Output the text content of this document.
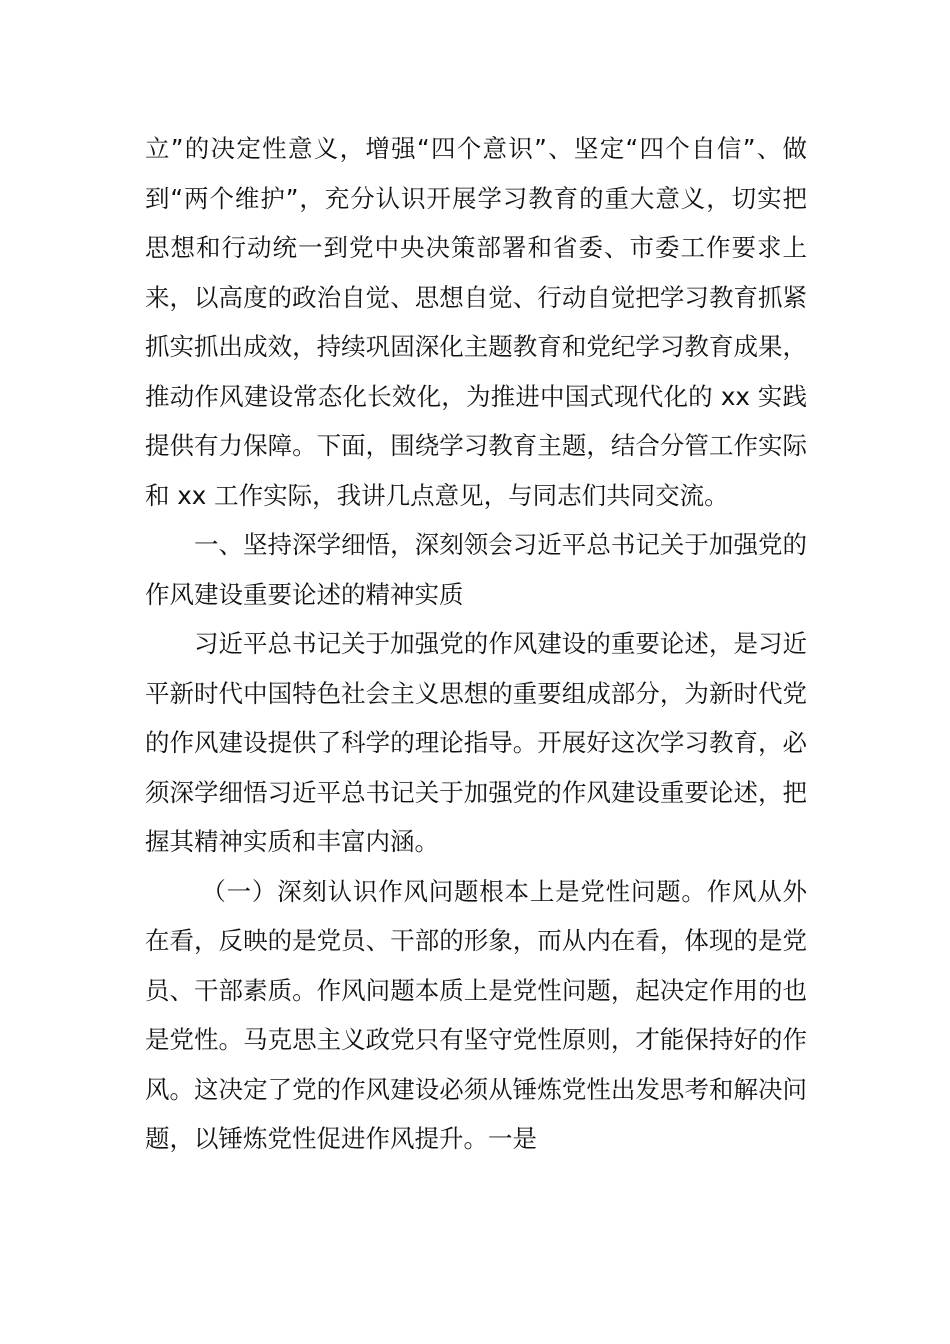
立”的决定性意义，增强“四个意识”、坚定“四个自信”、做到“两个维护”，充分认识开展学习教育的重大意义，切实把思想和行动统一到党中央决策部署和省委、市委工作要求上来，以高度的政治自觉、思想自觉、行动自觉把学习教育抓紧抓实抓出成效，持续巩固深化主题教育和党纪学习教育成果，推动作风建设常态化长效化，为推进中国式现代化的 xx 实践提供有力保障。下面，围绕学习教育主题，结合分管工作实际和 xx 工作实际，我讲几点意见，与同志们共同交流。

一、坚持深学细悟，深刻领会习近平总书记关于加强党的作风建设重要论述的精神实质

习近平总书记关于加强党的作风建设的重要论述，是习近平新时代中国特色社会主义思想的重要组成部分，为新时代党的作风建设提供了科学的理论指导。开展好这次学习教育，必须深学细悟习近平总书记关于加强党的作风建设重要论述，把握其精神实质和丰富内涵。

（一）深刻认识作风问题根本上是党性问题。作风从外在看，反映的是党员、干部的形象，而从内在看，体现的是党员、干部素质。作风问题本质上是党性问题，起决定作用的也是党性。马克思主义政党只有坚守党性原则，才能保持好的作风。这决定了党的作风建设必须从锤炼党性出发思考和解决问题，以锤炼党性促进作风提升。一是
